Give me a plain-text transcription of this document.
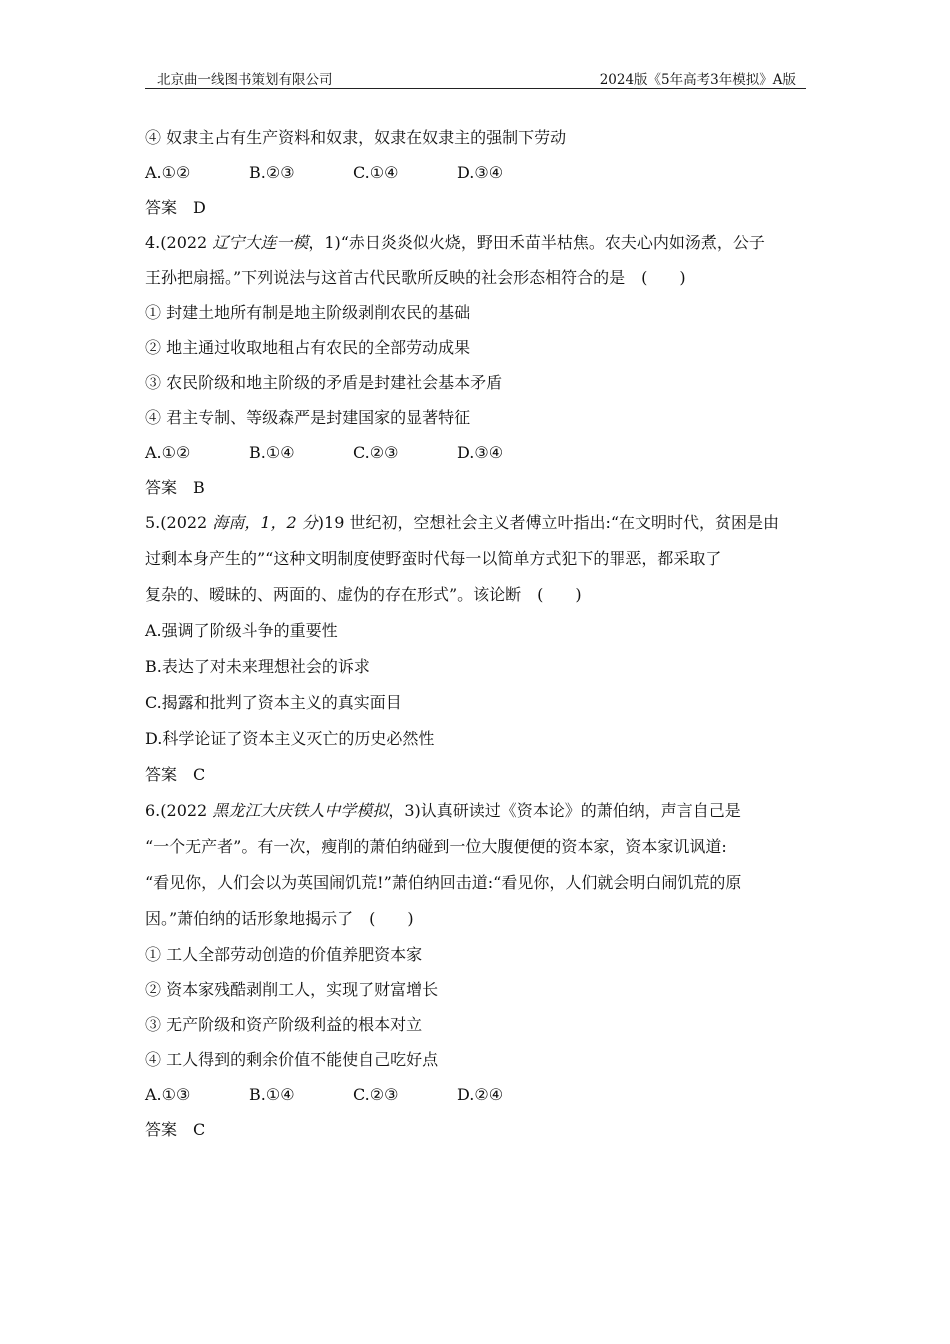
北京曲一线图书策划有限公司	2024版《5年高考3年模拟》A版
④ 奴隶主占有生产资料和奴隶，奴隶在奴隶主的强制下劳动
A.①②	B.②③	C.①④	D.③④
答案　D
4.(2022 辽宁大连一模，1)“赤日炎炎似火烧，野田禾苗半枯焦。农夫心内如汤煮，公子
王孙把扇摇。”下列说法与这首古代民歌所反映的社会形态相符合的是　(　　)
① 封建土地所有制是地主阶级剥削农民的基础
② 地主通过收取地租占有农民的全部劳动成果
③ 农民阶级和地主阶级的矛盾是封建社会基本矛盾
④ 君主专制、等级森严是封建国家的显著特征
A.①②	B.①④	C.②③	D.③④
答案　B
5.(2022 海南，1，2 分)19 世纪初，空想社会主义者傅立叶指出:“在文明时代，贫困是由
过剩本身产生的”“这种文明制度使野蛮时代每一以简单方式犯下的罪恶，都采取了
复杂的、暧昧的、两面的、虚伪的存在形式”。该论断　(　　)
A.强调了阶级斗争的重要性
B.表达了对未来理想社会的诉求
C.揭露和批判了资本主义的真实面目
D.科学论证了资本主义灭亡的历史必然性
答案　C
6.(2022 黑龙江大庆铁人中学模拟，3)认真研读过《资本论》的萧伯纳，声言自己是
“一个无产者”。有一次，瘦削的萧伯纳碰到一位大腹便便的资本家，资本家讥讽道:
“看见你，人们会以为英国闹饥荒!”萧伯纳回击道:“看见你，人们就会明白闹饥荒的原
因。”萧伯纳的话形象地揭示了　(　　)
① 工人全部劳动创造的价值养肥资本家
② 资本家残酷剥削工人，实现了财富增长
③ 无产阶级和资产阶级利益的根本对立
④ 工人得到的剩余价值不能使自己吃好点
A.①③	B.①④	C.②③	D.②④
答案　C
